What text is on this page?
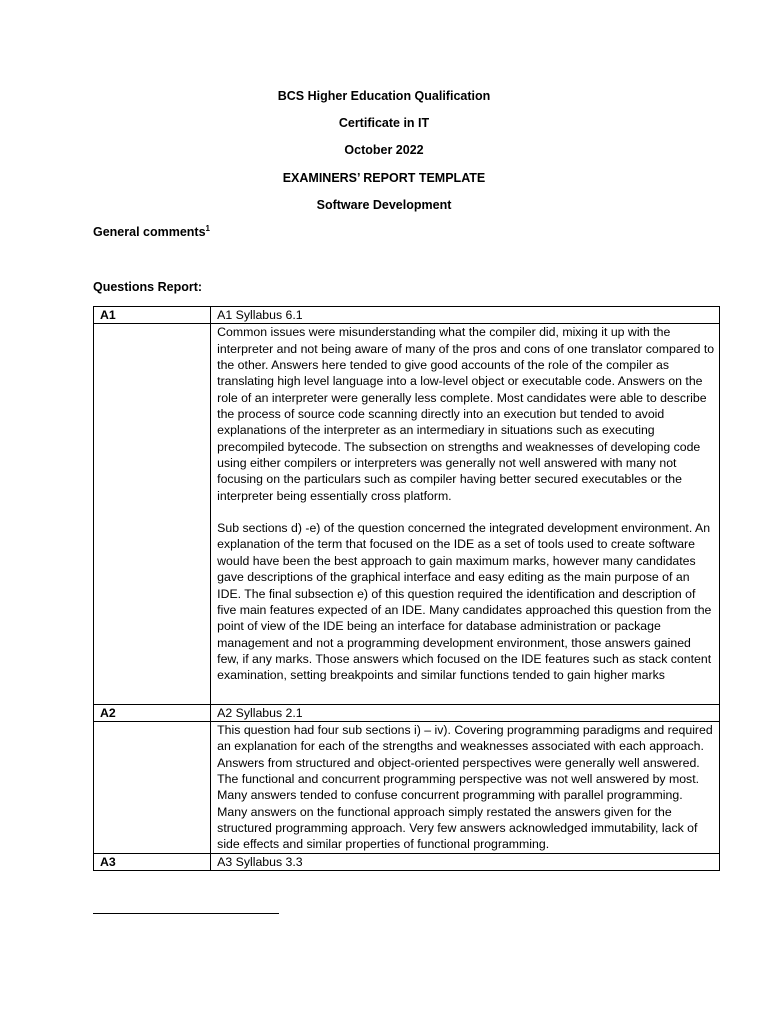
BCS Higher Education Qualification
Certificate in IT
October 2022
EXAMINERS’ REPORT TEMPLATE
Software Development
General comments$^1$
Questions Report:
A1	A1 Syllabus 6.1

	Common issues were misunderstanding what the compiler did, mixing it up with the interpreter and not being aware of many of the pros and cons of one translator compared to the other. Answers here tended to give good accounts of the role of the compiler as translating high level language into a low-level object or executable code. Answers on the role of an interpreter were generally less complete. Most candidates were able to describe the process of source code scanning directly into an execution but tended to avoid explanations of the interpreter as an intermediary in situations such as executing precompiled bytecode. The subsection on strengths and weaknesses of developing code using either compilers or interpreters was generally not well answered with many not focusing on the particulars such as compiler having better secured executables or the interpreter being essentially cross platform.

Sub sections d) -e) of the question concerned the integrated development environment. An explanation of the term that focused on the IDE as a set of tools used to create software would have been the best approach to gain maximum marks, however many candidates gave descriptions of the graphical interface and easy editing as the main purpose of an IDE. The final subsection e) of this question required the identification and description of five main features expected of an IDE. Many candidates approached this question from the point of view of the IDE being an interface for database administration or package management and not a programming development environment, those answers gained few, if any marks. Those answers which focused on the IDE features such as stack content examination, setting breakpoints and similar functions tended to gain higher marks

A2	A2 Syllabus 2.1

	This question had four sub sections i) – iv). Covering programming paradigms and required an explanation for each of the strengths and weaknesses associated with each approach. Answers from structured and object-oriented perspectives were generally well answered. The functional and concurrent programming perspective was not well answered by most. Many answers tended to confuse concurrent programming with parallel programming. Many answers on the functional approach simply restated the answers given for the structured programming approach. Very few answers acknowledged immutability, lack of side effects and similar properties of functional programming.

A3	A3 Syllabus 3.3
